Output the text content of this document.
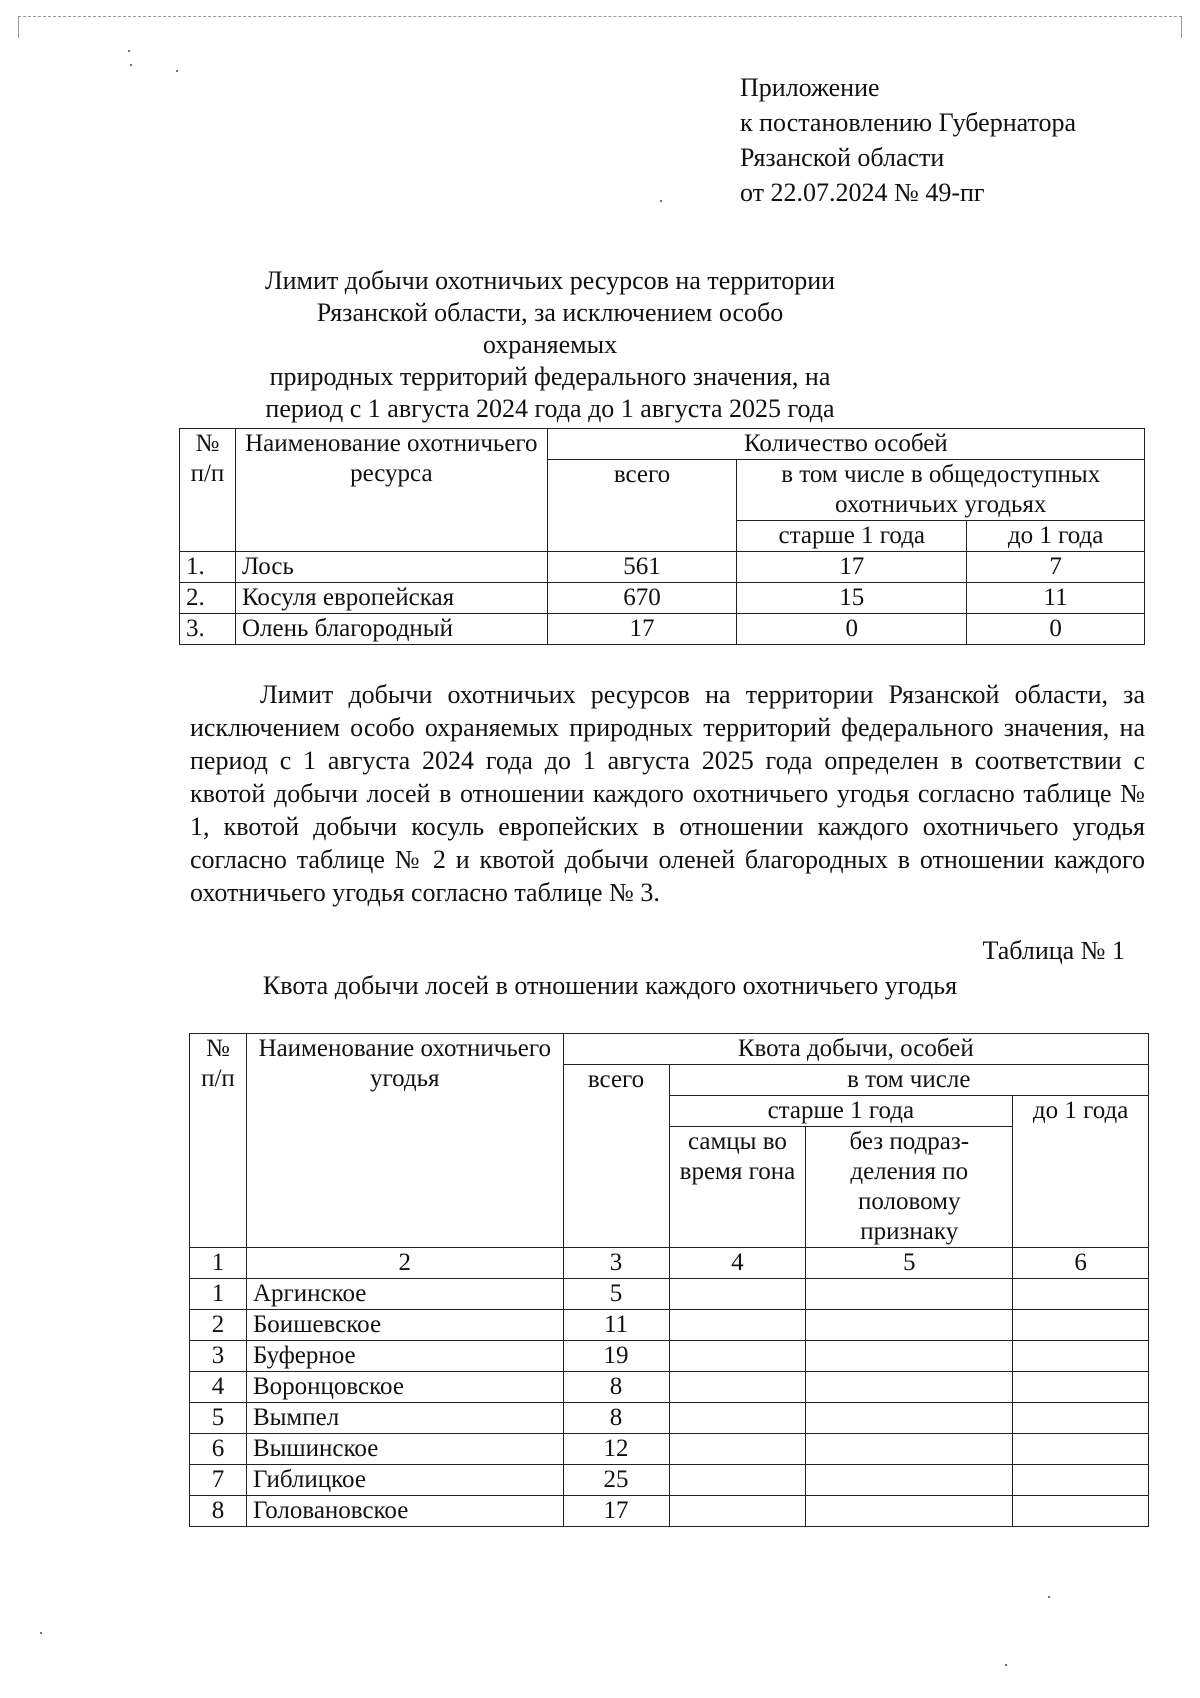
Приложение
к постановлению Губернатора
Рязанской области
от 22.07.2024 № 49-пг
Лимит добычи охотничьих ресурсов на территории
Рязанской области, за исключением особо охраняемых
природных территорий федерального значения, на
период с 1 августа 2024 года до 1 августа 2025 года
№ п/п	Наименование охотничьего ресурса	Количество особей		
		всего	в том числе в общедоступных охотничьих угодьях	
			старше 1 года	до 1 года
1.	Лось	561	17	7
2.	Косуля европейская	670	15	11
3.	Олень благородный	17	0	0
Лимит добычи охотничьих ресурсов на территории Рязанской области, за исключением особо охраняемых природных территорий федерального значения, на период с 1 августа 2024 года до 1 августа 2025 года определен в соответствии с квотой добычи лосей в отношении каждого охотничьего угодья согласно таблице № 1, квотой добычи косуль европейских в отношении каждого охотничьего угодья согласно таблице № 2 и квотой добычи оленей благородных в отношении каждого охотничьего угодья согласно таблице № 3.
Таблица № 1
Квота добычи лосей в отношении каждого охотничьего угодья
№ п/п	Наименование охотничьего угодья	Квота добычи, особей			
		всего	в том числе		
			старше 1 года		до 1 года
			самцы во время гона	без подраз-деления по половому признаку	
1	2	3	4	5	6
1	Аргинское	5			
2	Боишевское	11			
3	Буферное	19			
4	Воронцовское	8			
5	Вымпел	8			
6	Вышинское	12			
7	Гиблицкое	25			
8	Головановское	17			
